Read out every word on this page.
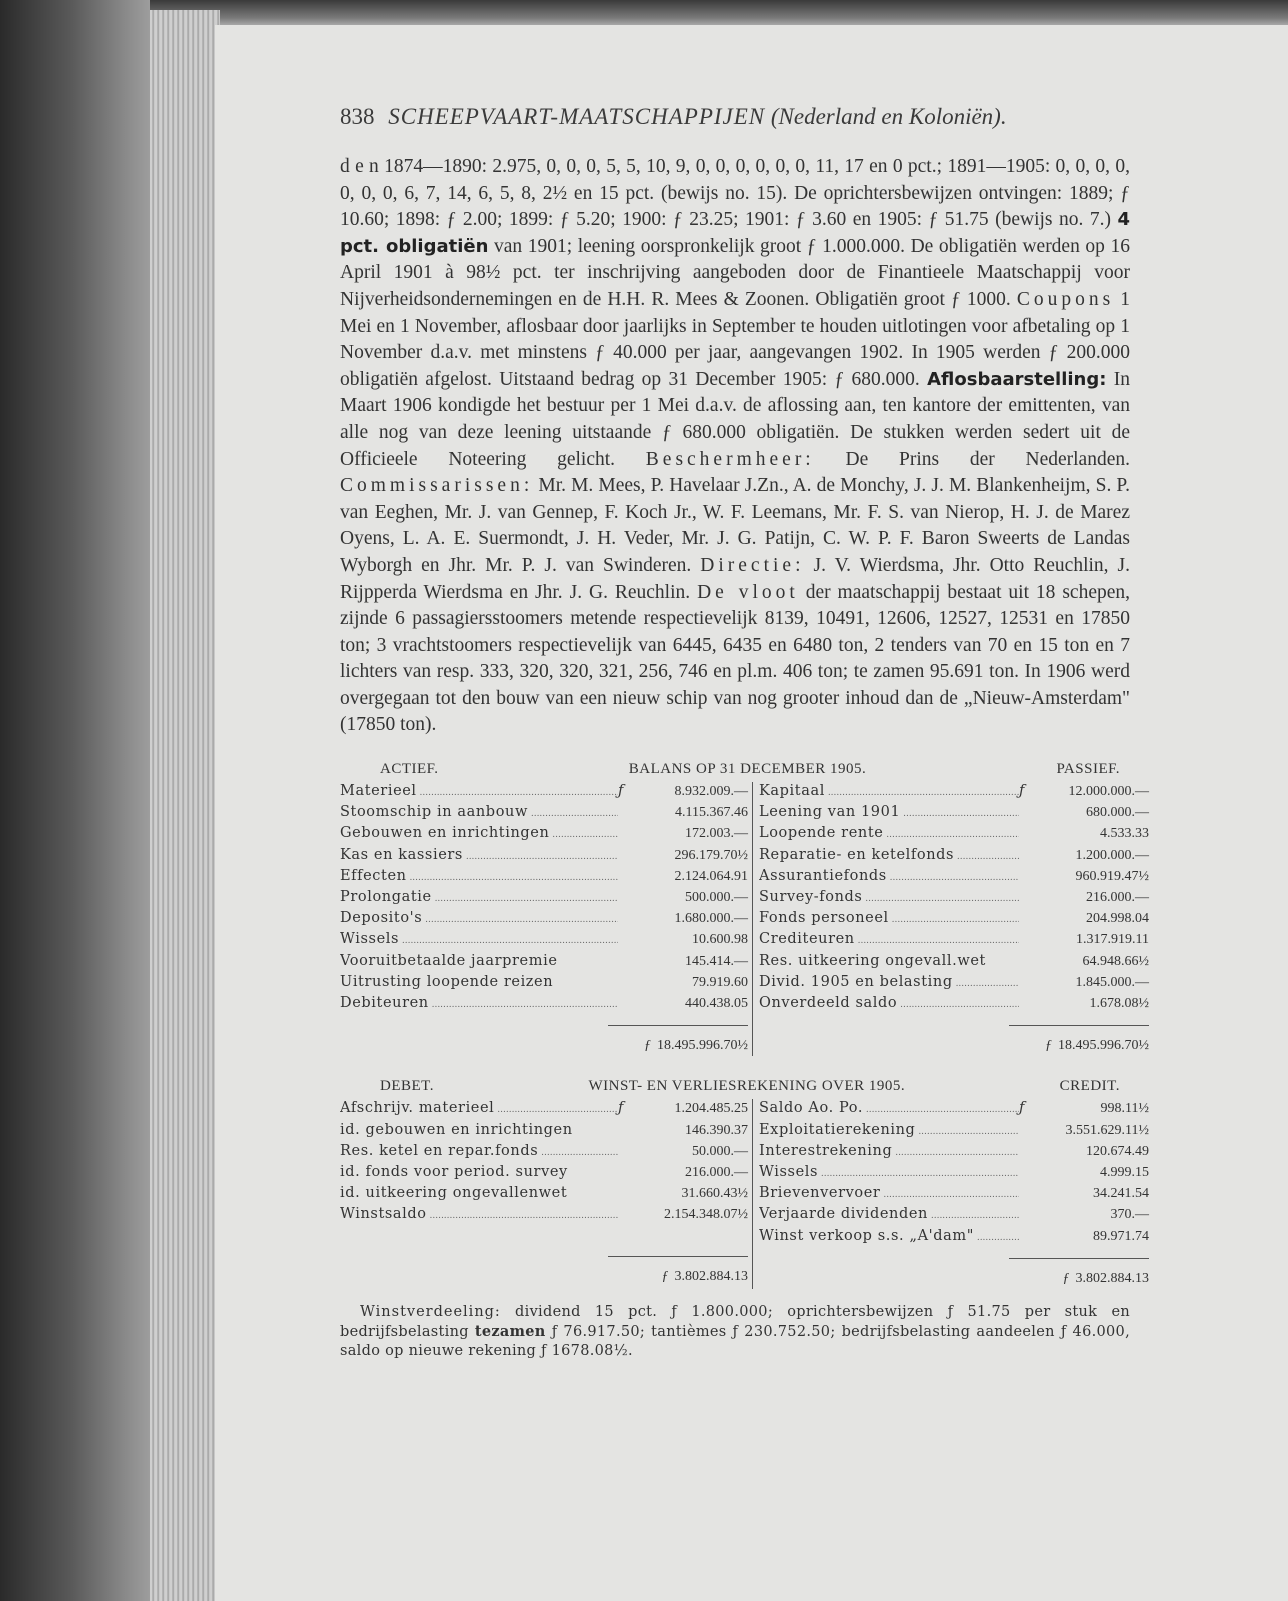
838 SCHEEPVAART-MAATSCHAPPIJEN (Nederland en Koloniën).
d e n 1874—1890: 2.975, 0, 0, 0, 5, 5, 10, 9, 0, 0, 0, 0, 0, 0, 11, 17 en 0 pct.; 1891—1905: 0, 0, 0, 0, 0, 0, 0, 6, 7, 14, 6, 5, 8, 2½ en 15 pct. (bewijs no. 15). De oprichtersbewijzen ontvingen: 1889; ƒ 10.60; 1898: ƒ 2.00; 1899: ƒ 5.20; 1900: ƒ 23.25; 1901: ƒ 3.60 en 1905: ƒ 51.75 (bewijs no. 7.) 4 pct. obligatiën van 1901; leening oorspronkelijk groot ƒ 1.000.000. De obligatiën werden op 16 April 1901 à 98½ pct. ter inschrijving aangeboden door de Finantieele Maatschappij voor Nijverheidsondernemingen en de H.H. R. Mees & Zoonen. Obligatiën groot ƒ 1000. Coupons 1 Mei en 1 November, aflosbaar door jaarlijks in September te houden uitlotingen voor afbetaling op 1 November d.a.v. met minstens ƒ 40.000 per jaar, aangevangen 1902. In 1905 werden ƒ 200.000 obligatiën afgelost. Uitstaand bedrag op 31 December 1905: ƒ 680.000. Aflosbaarstelling: In Maart 1906 kondigde het bestuur per 1 Mei d.a.v. de aflossing aan, ten kantore der emittenten, van alle nog van deze leening uitstaande ƒ 680.000 obligatiën. De stukken werden sedert uit de Officieele Noteering gelicht. Beschermheer: De Prins der Nederlanden. Commissarissen: Mr. M. Mees, P. Havelaar J.Zn., A. de Monchy, J. J. M. Blankenheijm, S. P. van Eeghen, Mr. J. van Gennep, F. Koch Jr., W. F. Leemans, Mr. F. S. van Nierop, H. J. de Marez Oyens, L. A. E. Suermondt, J. H. Veder, Mr. J. G. Patijn, C. W. P. F. Baron Sweerts de Landas Wyborgh en Jhr. Mr. P. J. van Swinderen. Directie: J. V. Wierdsma, Jhr. Otto Reuchlin, J. Rijpperda Wierdsma en Jhr. J. G. Reuchlin. De vloot der maatschappij bestaat uit 18 schepen, zijnde 6 passagiersstoomers metende respectievelijk 8139, 10491, 12606, 12527, 12531 en 17850 ton; 3 vrachtstoomers respectievelijk van 6445, 6435 en 6480 ton, 2 tenders van 70 en 15 ton en 7 lichters van resp. 333, 320, 320, 321, 256, 746 en pl.m. 406 ton; te zamen 95.691 ton. In 1906 werd overgegaan tot den bouw van een nieuw schip van nog grooter inhoud dan de „Nieuw-Amsterdam" (17850 ton).
ACTIEF.	BALANS OP 31 DECEMBER 1905.	PASSIEF.
Materieel .....	ƒ	8.932.009.—
Stoomschip in aanbouw .....	4.115.367.46
Gebouwen en inrichtingen .....	172.003.—
Kas en kassiers .....	296.179.70½
Effecten .....	2.124.064.91
Prolongatie .....	500.000.—
Deposito's .....	1.680.000.—
Wissels .....	10.600.98
Vooruitbetaalde jaarpremie	145.414.—
Uitrusting loopende reizen	79.919.60
Debiteuren .....	440.438.05
ƒ 18.495.996.70½
Kapitaal .....	ƒ	12.000.000.—
Leening van 1901 .....	680.000.—
Loopende rente .....	4.533.33
Reparatie- en ketelfonds .....	1.200.000.—
Assurantiefonds .....	960.919.47½
Survey-fonds .....	216.000.—
Fonds personeel .....	204.998.04
Crediteuren .....	1.317.919.11
Res. uitkeering ongevall.wet	64.948.66½
Divid. 1905 en belasting .....	1.845.000.—
Onverdeeld saldo .....	1.678.08½
ƒ 18.495.996.70½
DEBET.	WINST- EN VERLIESREKENING OVER 1905.	CREDIT.
Afschrijv. materieel .....	ƒ	1.204.485.25
id. gebouwen en inrichtingen	146.390.37
Res. ketel en repar.fonds .....	50.000.—
id. fonds voor period. survey	216.000.—
id. uitkeering ongevallenwet	31.660.43½
Winstsaldo .....	2.154.348.07½
ƒ 3.802.884.13
Saldo Ao. Po. .....	ƒ	998.11½
Exploitatierekening .....	3.551.629.11½
Interestrekening .....	120.674.49
Wissels .....	4.999.15
Brievenvervoer .....	34.241.54
Verjaarde dividenden .....	370.—
Winst verkoop s.s. „A'dam" .....	89.971.74
ƒ 3.802.884.13
Winstverdeeling: dividend 15 pct. ƒ 1.800.000; oprichtersbewijzen ƒ 51.75 per stuk en bedrijfsbelasting tezamen ƒ 76.917.50; tantièmes ƒ 230.752.50; bedrijfsbelasting aandeelen ƒ 46.000, saldo op nieuwe rekening ƒ 1678.08½.
